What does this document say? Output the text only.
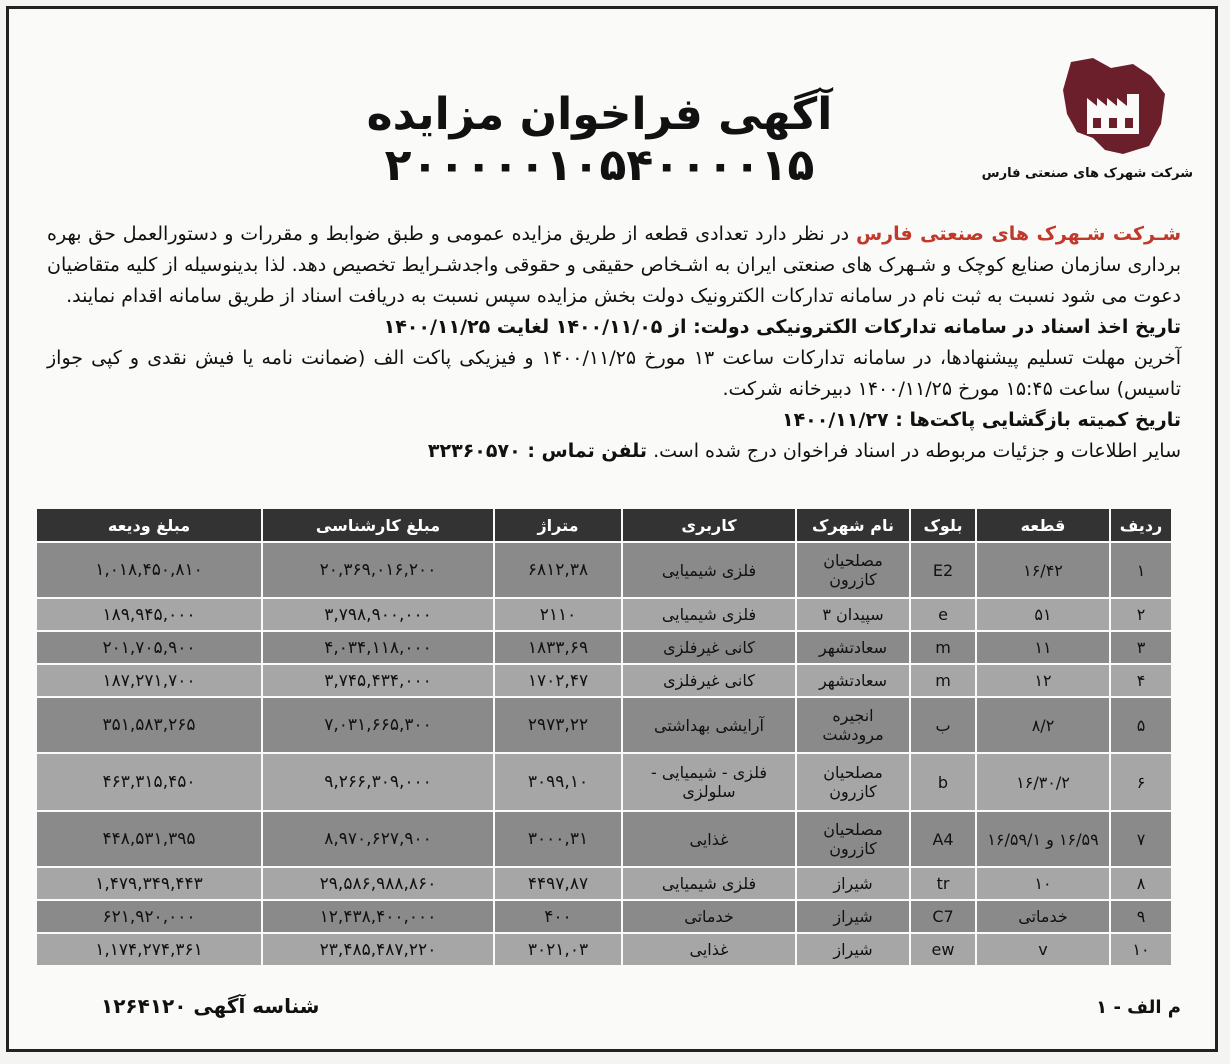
شرکت شهرک های صنعتی فارس
آگهی فراخوان مزایده ۲۰۰۰۰۰۱۰۵۴۰۰۰۰۱۵

شـرکت شـهرک های صنعتی فارس در نظر دارد تعدادی قطعه از طریق مزایده عمومی و طبق ضوابط و مقررات و دستورالعمل حق بهره برداری سازمان صنایع کوچک و شـهرک های صنعتی ایران به اشـخاص حقیقی و حقوقی واجدشـرایط تخصیص دهد. لذا بدینوسیله از کلیه متقاضیان دعوت می شود نسبت به ثبت نام در سامانه تدارکات الکترونیک دولت بخش مزایده سپس نسبت به دریافت اسناد از طریق سامانه اقدام نمایند.

تاریخ اخذ اسناد در سامانه تدارکات الکترونیکی دولت: از ۱۴۰۰/۱۱/۰۵ لغایت ۱۴۰۰/۱۱/۲۵

آخرین مهلت تسلیم پیشنهادها، در سامانه تدارکات ساعت ۱۳ مورخ ۱۴۰۰/۱۱/۲۵ و فیزیکی پاکت الف (ضمانت نامه یا فیش نقدی و کپی جواز تاسیس) ساعت ۱۵:۴۵ مورخ ۱۴۰۰/۱۱/۲۵ دبیرخانه شرکت.

تاریخ کمیته بازگشایی پاکت‌ها : ۱۴۰۰/۱۱/۲۷

سایر اطلاعات و جزئیات مربوطه در اسناد فراخوان درج شده است. تلفن تماس : ۳۲۳۶۰۵۷۰

ردیف	قطعه	بلوک	نام شهرک	کاربری	متراژ	مبلغ کارشناسی	مبلغ ودیعه
۱	۱۶/۴۲	E2	مصلحیان کازرون	فلزی شیمیایی	۶۸۱۲,۳۸	۲۰,۳۶۹,۰۱۶,۲۰۰	۱,۰۱۸,۴۵۰,۸۱۰
۲	۵۱	e	سپیدان ۳	فلزی شیمیایی	۲۱۱۰	۳,۷۹۸,۹۰۰,۰۰۰	۱۸۹,۹۴۵,۰۰۰
۳	۱۱	m	سعادتشهر	کانی غیرفلزی	۱۸۳۳,۶۹	۴,۰۳۴,۱۱۸,۰۰۰	۲۰۱,۷۰۵,۹۰۰
۴	۱۲	m	سعادتشهر	کانی غیرفلزی	۱۷۰۲,۴۷	۳,۷۴۵,۴۳۴,۰۰۰	۱۸۷,۲۷۱,۷۰۰
۵	۸/۲	ب	انجیره مرودشت	آرایشی بهداشتی	۲۹۷۳,۲۲	۷,۰۳۱,۶۶۵,۳۰۰	۳۵۱,۵۸۳,۲۶۵
۶	۱۶/۳۰/۲	b	مصلحیان کازرون	فلزی - شیمیایی - سلولزی	۳۰۹۹,۱۰	۹,۲۶۶,۳۰۹,۰۰۰	۴۶۳,۳۱۵,۴۵۰
۷	۱۶/۵۹ و ۱۶/۵۹/۱	A4	مصلحیان کازرون	غذایی	۳۰۰۰,۳۱	۸,۹۷۰,۶۲۷,۹۰۰	۴۴۸,۵۳۱,۳۹۵
۸	۱۰	tr	شیراز	فلزی شیمیایی	۴۴۹۷,۸۷	۲۹,۵۸۶,۹۸۸,۸۶۰	۱,۴۷۹,۳۴۹,۴۴۳
۹	خدماتی	C7	شیراز	خدماتی	۴۰۰	۱۲,۴۳۸,۴۰۰,۰۰۰	۶۲۱,۹۲۰,۰۰۰
۱۰	v	ew	شیراز	غذایی	۳۰۲۱,۰۳	۲۳,۴۸۵,۴۸۷,۲۲۰	۱,۱۷۴,۲۷۴,۳۶۱
شناسه آگهی ۱۲۶۴۱۲۰	م الف - ۱
